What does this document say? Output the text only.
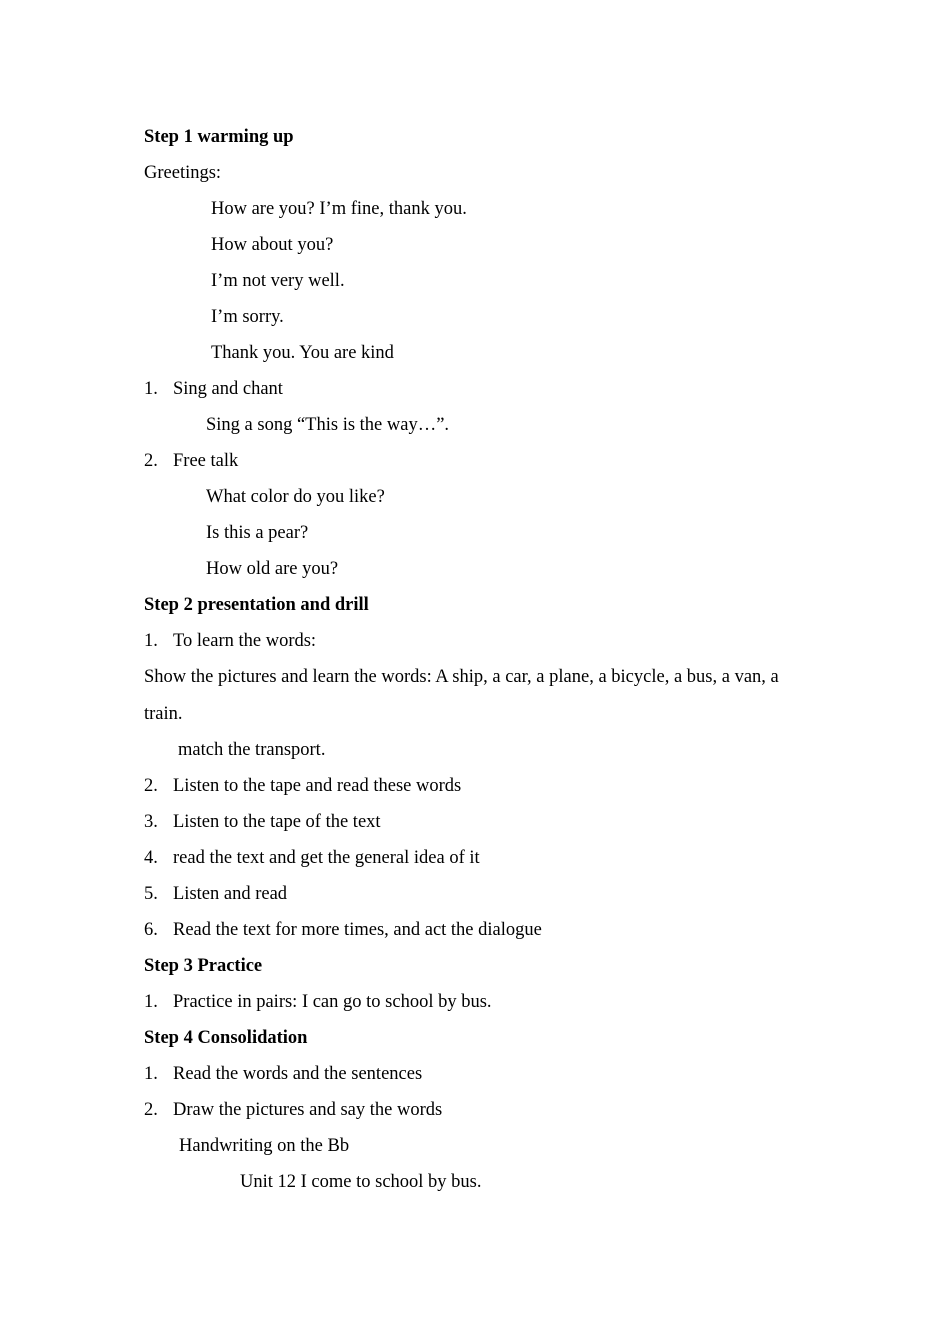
Step 1 warming up
Greetings:
How are you? I’m fine, thank you.
How about you?
I’m not very well.
I’m sorry.
Thank you. You are kind
1. Sing and chant
Sing a song “This is the way…”.
2. Free talk
What color do you like?
Is this a pear?
How old are you?
Step 2 presentation and drill
1. To learn the words:
Show the pictures and learn the words: A ship, a car, a plane, a bicycle, a bus, a van, a
train.
match the transport.
2. Listen to the tape and read these words
3. Listen to the tape of the text
4. read the text and get the general idea of it
5. Listen and read
6. Read the text for more times, and act the dialogue
Step 3 Practice
1. Practice in pairs: I can go to school by bus.
Step 4 Consolidation
1. Read the words and the sentences
2. Draw the pictures and say the words
Handwriting on the Bb
Unit 12 I come to school by bus.
